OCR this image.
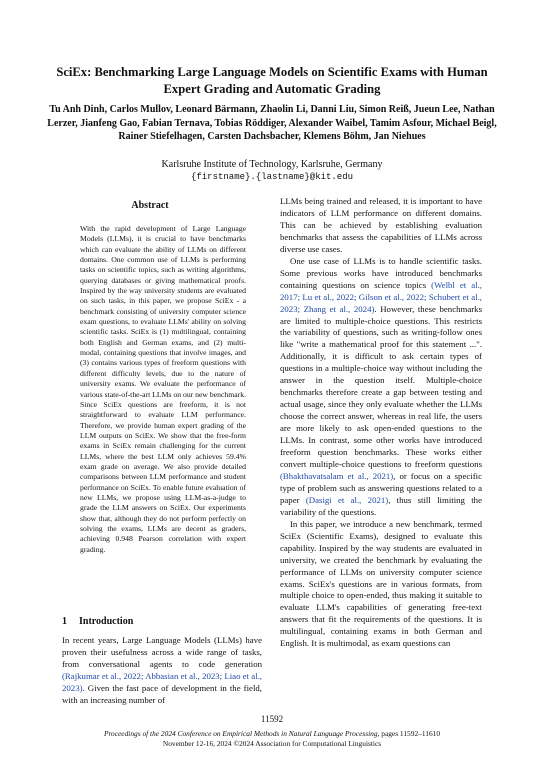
SciEx: Benchmarking Large Language Models on Scientific Exams with Human Expert Grading and Automatic Grading
Tu Anh Dinh, Carlos Mullov, Leonard Bärmann, Zhaolin Li, Danni Liu, Simon Reiß, Jueun Lee, Nathan Lerzer, Jianfeng Gao, Fabian Ternava, Tobias Röddiger, Alexander Waibel, Tamim Asfour, Michael Beigl, Rainer Stiefelhagen, Carsten Dachsbacher, Klemens Böhm, Jan Niehues
Karlsruhe Institute of Technology, Karlsruhe, Germany
{firstname}.{lastname}@kit.edu
Abstract
With the rapid development of Large Language Models (LLMs), it is crucial to have benchmarks which can evaluate the ability of LLMs on different domains. One common use of LLMs is performing tasks on scientific topics, such as writing algorithms, querying databases or giving mathematical proofs. Inspired by the way university students are evaluated on such tasks, in this paper, we propose SciEx - a benchmark consisting of university computer science exam questions, to evaluate LLMs' ability on solving scientific tasks. SciEx is (1) multilingual, containing both English and German exams, and (2) multi-modal, containing questions that involve images, and (3) contains various types of freeform questions with different difficulty levels, due to the nature of university exams. We evaluate the performance of various state-of-the-art LLMs on our new benchmark. Since SciEx questions are freeform, it is not straightforward to evaluate LLM performance. Therefore, we provide human expert grading of the LLM outputs on SciEx. We show that the free-form exams in SciEx remain challenging for the current LLMs, where the best LLM only achieves 59.4% exam grade on average. We also provide detailed comparisons between LLM performance and student performance on SciEx. To enable future evaluation of new LLMs, we propose using LLM-as-a-judge to grade the LLM answers on SciEx. Our experiments show that, although they do not perform perfectly on solving the exams, LLMs are decent as graders, achieving 0.948 Pearson correlation with expert grading.
1 Introduction
In recent years, Large Language Models (LLMs) have proven their usefulness across a wide range of tasks, from conversational agents to code generation (Rajkumar et al., 2022; Abbasian et al., 2023; Liao et al., 2023). Given the fast pace of development in the field, with an increasing number of

LLMs being trained and released, it is important to have indicators of LLM performance on different domains. This can be achieved by establishing evaluation benchmarks that assess the capabilities of LLMs across diverse use cases.

One use case of LLMs is to handle scientific tasks. Some previous works have introduced benchmarks containing questions on science topics (Welbl et al., 2017; Lu et al., 2022; Gilson et al., 2022; Schubert et al., 2023; Zhang et al., 2024). However, these benchmarks are limited to multiple-choice questions. This restricts the variability of questions, such as writing-follow ones like "write a mathematical proof for this statement ...". Additionally, it is difficult to ask certain types of questions in a multiple-choice way without including the answer in the question itself. Multiple-choice benchmarks therefore create a gap between testing and actual usage, since they only evaluate whether the LLMs choose the correct answer, whereas in real life, the users are more likely to ask open-ended questions to the LLMs. In contrast, some other works have introduced freeform question benchmarks. These works either convert multiple-choice questions to freeform questions (Bhakthavatsalam et al., 2021), or focus on a specific type of problem such as answering questions related to a paper (Dasigi et al., 2021), thus still limiting the variability of the questions.

In this paper, we introduce a new benchmark, termed SciEx (Scientific Exams), designed to evaluate this capability. Inspired by the way students are evaluated in university, we created the benchmark by evaluating the performance of LLMs on university computer science exams. SciEx's questions are in various formats, from multiple choice to open-ended, thus making it suitable to evaluate LLM's capabilities of generating free-text answers that fit the requirements of the questions. It is multilingual, containing exams in both German and English. It is multimodal, as exam questions can

11592
Proceedings of the 2024 Conference on Empirical Methods in Natural Language Processing, pages 11592–11610
November 12-16, 2024 ©2024 Association for Computational Linguistics
